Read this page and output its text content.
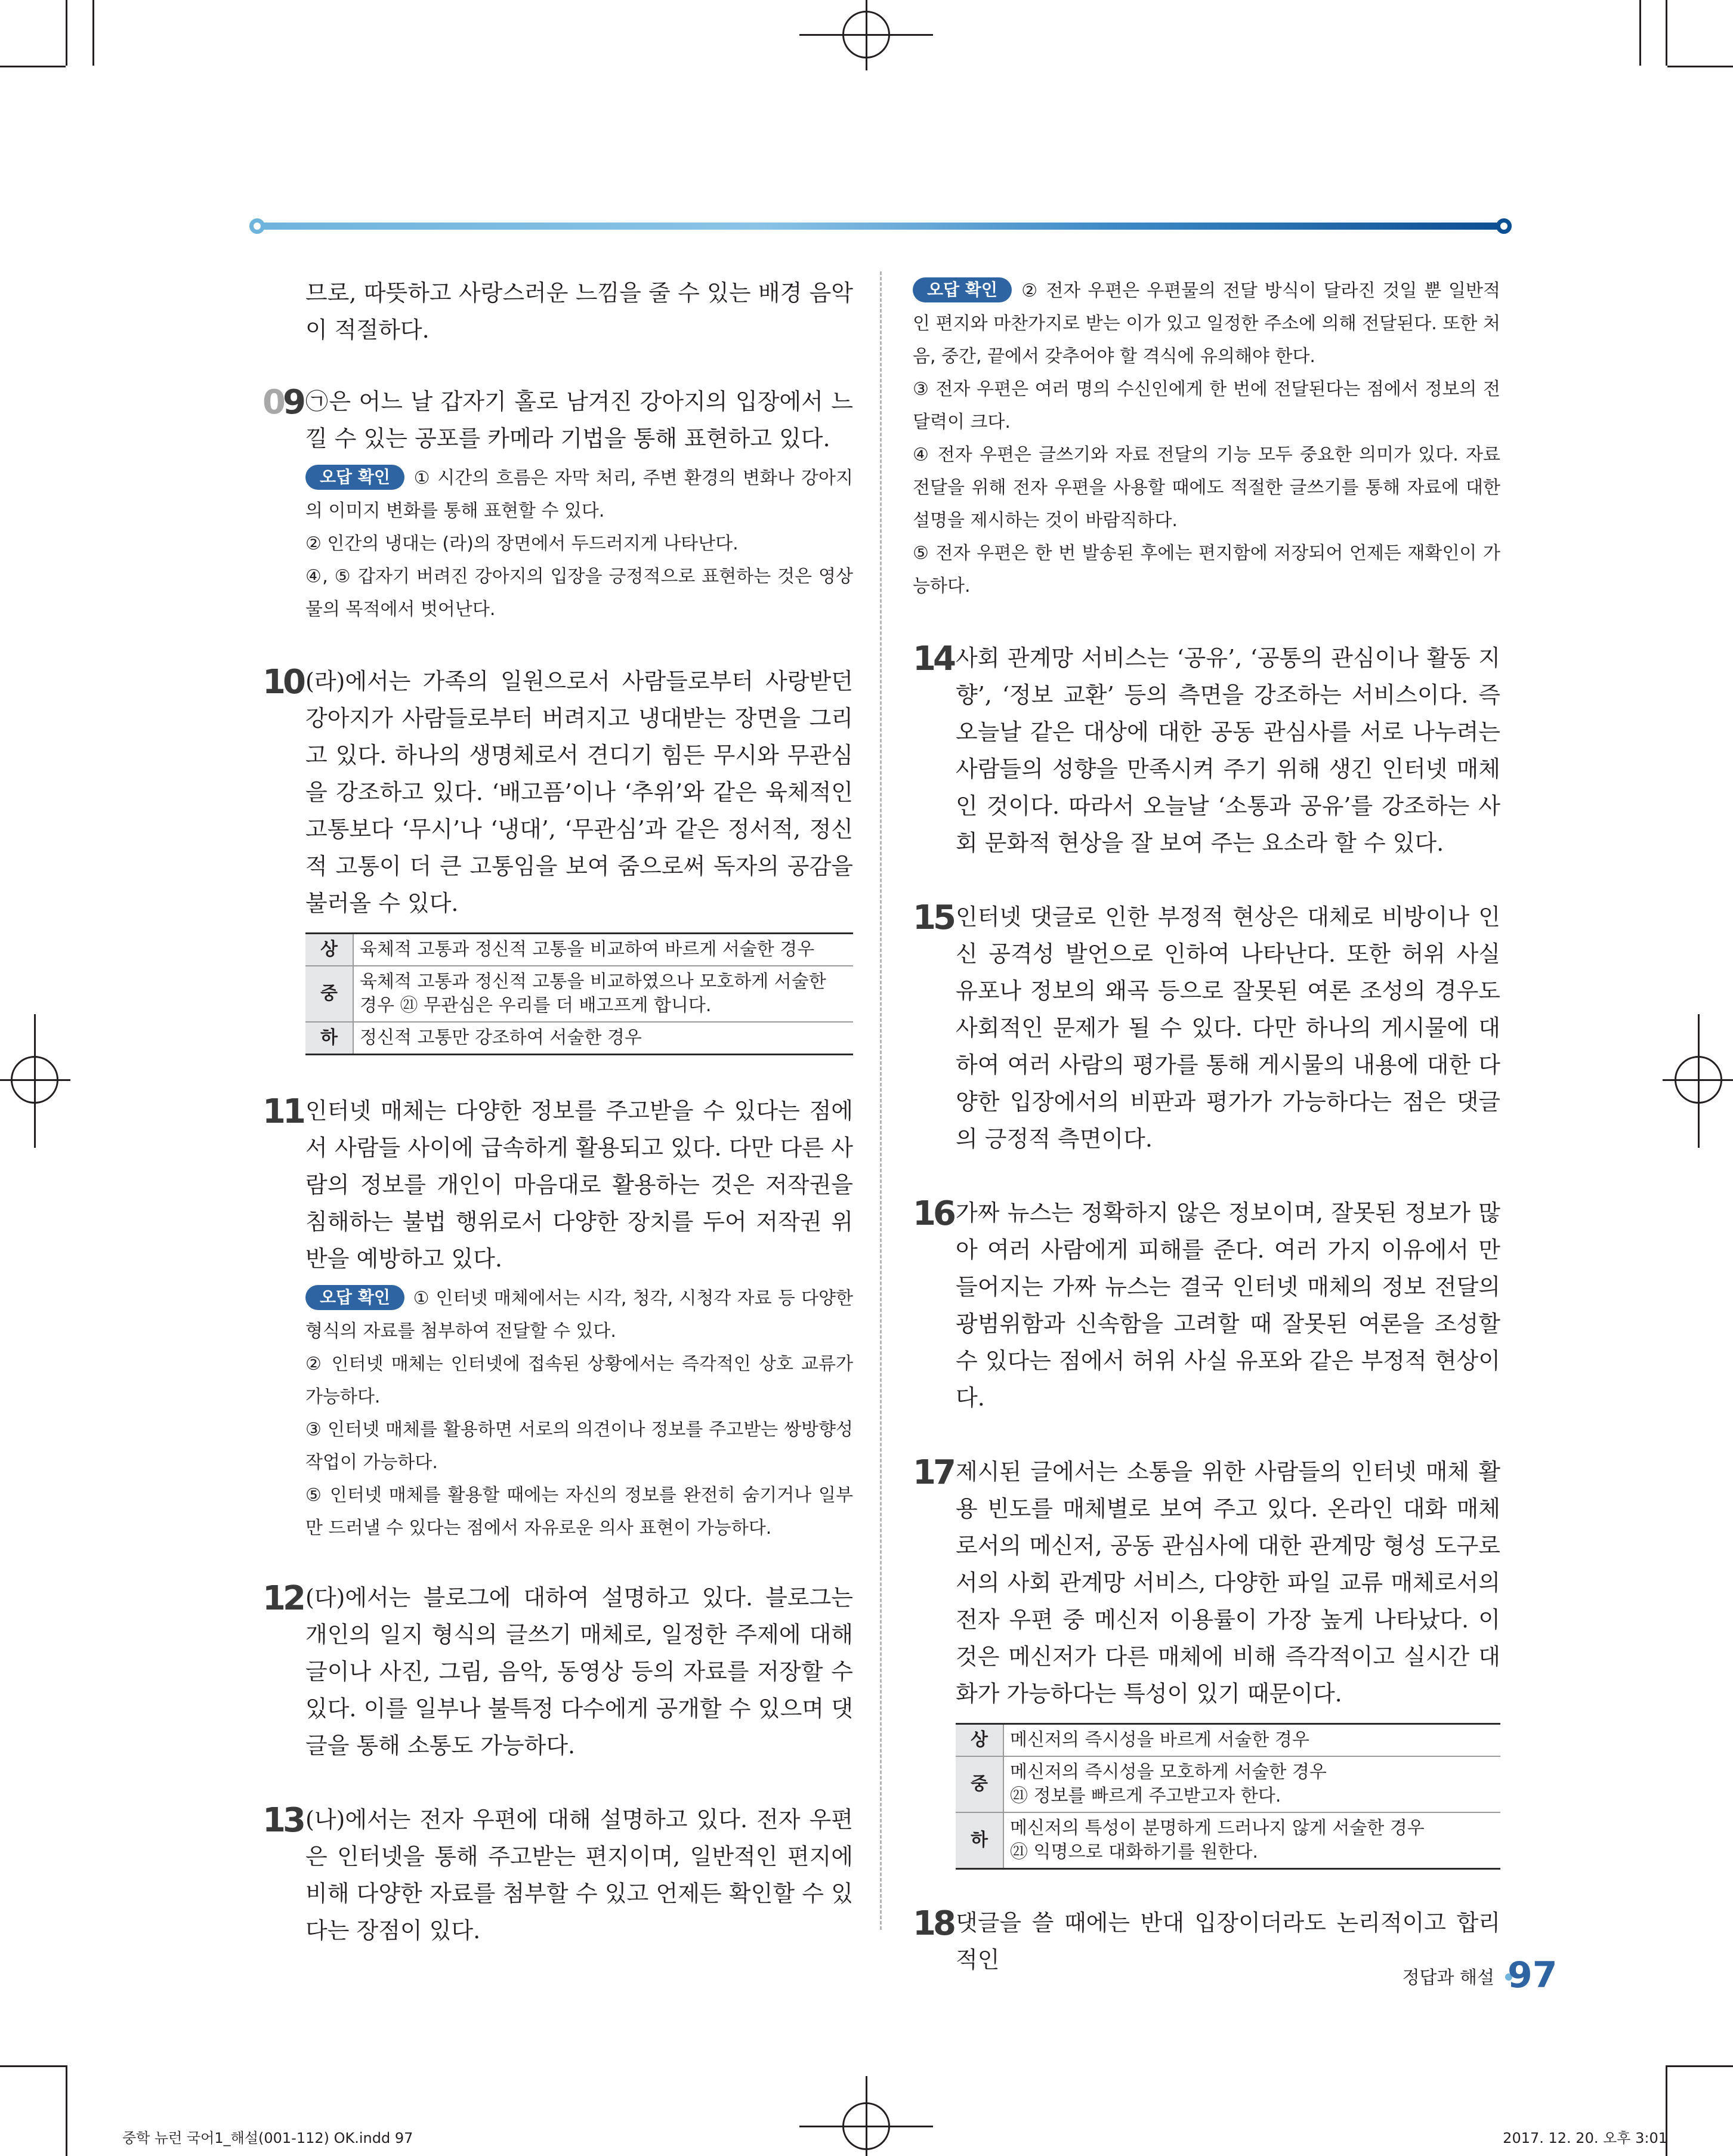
므로, 따뜻하고 사랑스러운 느낌을 줄 수 있는 배경 음악이 적절하다.
09 ㉠은 어느 날 갑자기 홀로 남겨진 강아지의 입장에서 느낄 수 있는 공포를 카메라 기법을 통해 표현하고 있다.
오답 확인 ① 시간의 흐름은 자막 처리, 주변 환경의 변화나 강아지의 이미지 변화를 통해 표현할 수 있다.
② 인간의 냉대는 (라)의 장면에서 두드러지게 나타난다.
④, ⑤ 갑자기 버려진 강아지의 입장을 긍정적으로 표현하는 것은 영상물의 목적에서 벗어난다.
10 (라)에서는 가족의 일원으로서 사람들로부터 사랑받던 강아지가 사람들로부터 버려지고 냉대받는 장면을 그리고 있다. 하나의 생명체로서 견디기 힘든 무시와 무관심을 강조하고 있다. ‘배고픔’이나 ‘추위’와 같은 육체적인 고통보다 ‘무시’나 ‘냉대’, ‘무관심’과 같은 정서적, 정신적 고통이 더 큰 고통임을 보여 줌으로써 독자의 공감을 불러올 수 있다.
상	육체적 고통과 정신적 고통을 비교하여 바르게 서술한 경우
중	육체적 고통과 정신적 고통을 비교하였으나 모호하게 서술한 경우 ㉑ 무관심은 우리를 더 배고프게 합니다.
하	정신적 고통만 강조하여 서술한 경우
11 인터넷 매체는 다양한 정보를 주고받을 수 있다는 점에서 사람들 사이에 급속하게 활용되고 있다. 다만 다른 사람의 정보를 개인이 마음대로 활용하는 것은 저작권을 침해하는 불법 행위로서 다양한 장치를 두어 저작권 위반을 예방하고 있다.
오답 확인 ① 인터넷 매체에서는 시각, 청각, 시청각 자료 등 다양한 형식의 자료를 첨부하여 전달할 수 있다.
② 인터넷 매체는 인터넷에 접속된 상황에서는 즉각적인 상호 교류가 가능하다.
③ 인터넷 매체를 활용하면 서로의 의견이나 정보를 주고받는 쌍방향성 작업이 가능하다.
⑤ 인터넷 매체를 활용할 때에는 자신의 정보를 완전히 숨기거나 일부만 드러낼 수 있다는 점에서 자유로운 의사 표현이 가능하다.
12 (다)에서는 블로그에 대하여 설명하고 있다. 블로그는 개인의 일지 형식의 글쓰기 매체로, 일정한 주제에 대해 글이나 사진, 그림, 음악, 동영상 등의 자료를 저장할 수 있다. 이를 일부나 불특정 다수에게 공개할 수 있으며 댓글을 통해 소통도 가능하다.
13 (나)에서는 전자 우편에 대해 설명하고 있다. 전자 우편은 인터넷을 통해 주고받는 편지이며, 일반적인 편지에 비해 다양한 자료를 첨부할 수 있고 언제든 확인할 수 있다는 장점이 있다.
오답 확인 ② 전자 우편은 우편물의 전달 방식이 달라진 것일 뿐 일반적인 편지와 마찬가지로 받는 이가 있고 일정한 주소에 의해 전달된다. 또한 처음, 중간, 끝에서 갖추어야 할 격식에 유의해야 한다.
③ 전자 우편은 여러 명의 수신인에게 한 번에 전달된다는 점에서 정보의 전달력이 크다.
④ 전자 우편은 글쓰기와 자료 전달의 기능 모두 중요한 의미가 있다. 자료 전달을 위해 전자 우편을 사용할 때에도 적절한 글쓰기를 통해 자료에 대한 설명을 제시하는 것이 바람직하다.
⑤ 전자 우편은 한 번 발송된 후에는 편지함에 저장되어 언제든 재확인이 가능하다.
14 사회 관계망 서비스는 ‘공유’, ‘공통의 관심이나 활동 지향’, ‘정보 교환’ 등의 측면을 강조하는 서비스이다. 즉 오늘날 같은 대상에 대한 공동 관심사를 서로 나누려는 사람들의 성향을 만족시켜 주기 위해 생긴 인터넷 매체인 것이다. 따라서 오늘날 ‘소통과 공유’를 강조하는 사회 문화적 현상을 잘 보여 주는 요소라 할 수 있다.
15 인터넷 댓글로 인한 부정적 현상은 대체로 비방이나 인신 공격성 발언으로 인하여 나타난다. 또한 허위 사실 유포나 정보의 왜곡 등으로 잘못된 여론 조성의 경우도 사회적인 문제가 될 수 있다. 다만 하나의 게시물에 대하여 여러 사람의 평가를 통해 게시물의 내용에 대한 다양한 입장에서의 비판과 평가가 가능하다는 점은 댓글의 긍정적 측면이다.
16 가짜 뉴스는 정확하지 않은 정보이며, 잘못된 정보가 많아 여러 사람에게 피해를 준다. 여러 가지 이유에서 만들어지는 가짜 뉴스는 결국 인터넷 매체의 정보 전달의 광범위함과 신속함을 고려할 때 잘못된 여론을 조성할 수 있다는 점에서 허위 사실 유포와 같은 부정적 현상이다.
17 제시된 글에서는 소통을 위한 사람들의 인터넷 매체 활용 빈도를 매체별로 보여 주고 있다. 온라인 대화 매체로서의 메신저, 공동 관심사에 대한 관계망 형성 도구로서의 사회 관계망 서비스, 다양한 파일 교류 매체로서의 전자 우편 중 메신저 이용률이 가장 높게 나타났다. 이것은 메신저가 다른 매체에 비해 즉각적이고 실시간 대화가 가능하다는 특성이 있기 때문이다.
상	메신저의 즉시성을 바르게 서술한 경우
중	메신저의 즉시성을 모호하게 서술한 경우
㉑ 정보를 빠르게 주고받고자 한다.

하	메신저의 특성이 분명하게 드러나지 않게 서술한 경우
㉑ 익명으로 대화하기를 원한다.
18 댓글을 쓸 때에는 반대 입장이더라도 논리적이고 합리적인
정답과 해설 97
중학 뉴런 국어1_해설(001-112) OK.indd 97	2017. 12. 20. 오후 3:01
